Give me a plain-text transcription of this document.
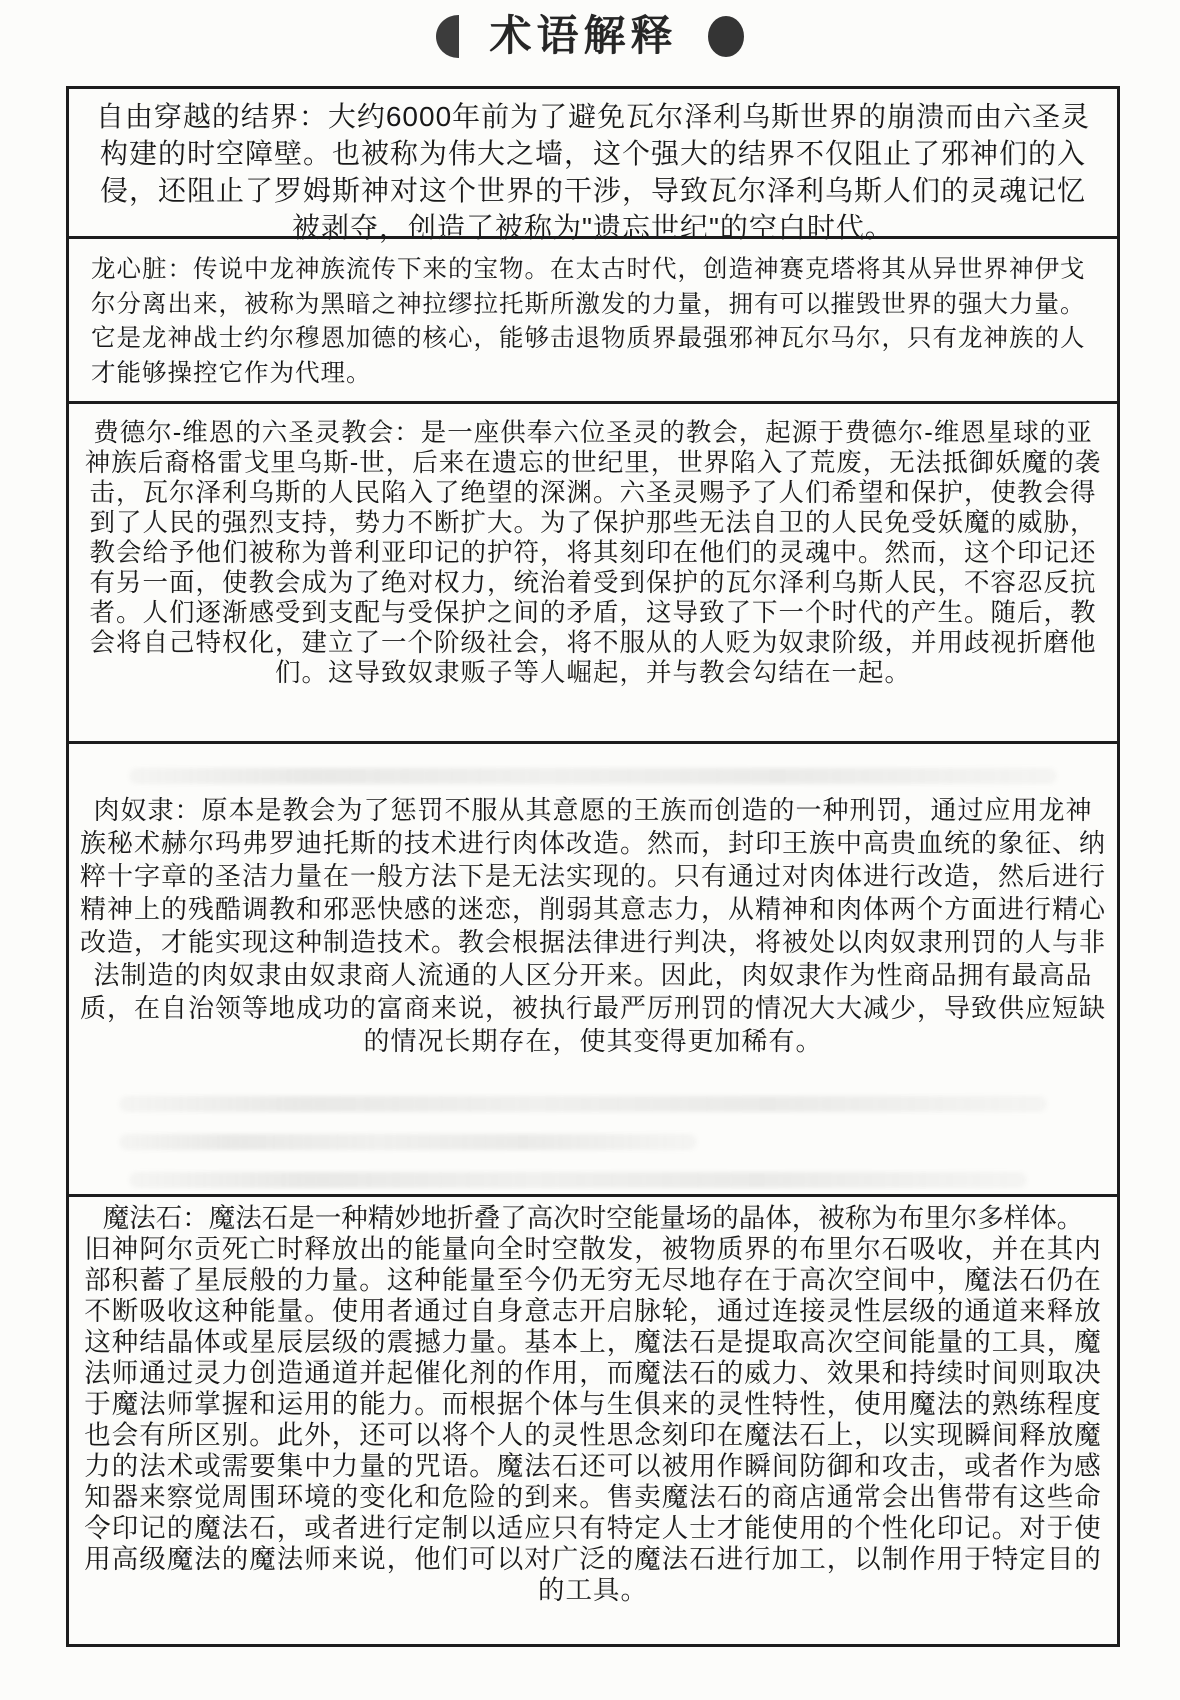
术语解释

自由穿越的结界：大约6000年前为了避免瓦尔泽利乌斯世界的崩溃而由六圣灵构建的时空障壁。也被称为伟大之墙，这个强大的结界不仅阻止了邪神们的入侵，还阻止了罗姆斯神对这个世界的干涉，导致瓦尔泽利乌斯人们的灵魂记忆被剥夺，创造了被称为"遗忘世纪"的空白时代。

龙心脏：传说中龙神族流传下来的宝物。在太古时代，创造神赛克塔将其从异世界神伊戈尔分离出来，被称为黑暗之神拉缪拉托斯所激发的力量，拥有可以摧毁世界的强大力量。它是龙神战士约尔穆恩加德的核心，能够击退物质界最强邪神瓦尔马尔，只有龙神族的人才能够操控它作为代理。

费德尔-维恩的六圣灵教会：是一座供奉六位圣灵的教会，起源于费德尔-维恩星球的亚神族后裔格雷戈里乌斯-世，后来在遗忘的世纪里，世界陷入了荒废，无法抵御妖魔的袭击，瓦尔泽利乌斯的人民陷入了绝望的深渊。六圣灵赐予了人们希望和保护，使教会得到了人民的强烈支持，势力不断扩大。为了保护那些无法自卫的人民免受妖魔的威胁，教会给予他们被称为普利亚印记的护符，将其刻印在他们的灵魂中。然而，这个印记还有另一面，使教会成为了绝对权力，统治着受到保护的瓦尔泽利乌斯人民，不容忍反抗者。人们逐渐感受到支配与受保护之间的矛盾，这导致了下一个时代的产生。随后，教会将自己特权化，建立了一个阶级社会，将不服从的人贬为奴隶阶级，并用歧视折磨他们。这导致奴隶贩子等人崛起，并与教会勾结在一起。

肉奴隶：原本是教会为了惩罚不服从其意愿的王族而创造的一种刑罚，通过应用龙神族秘术赫尔玛弗罗迪托斯的技术进行肉体改造。然而，封印王族中高贵血统的象征、纳粹十字章的圣洁力量在一般方法下是无法实现的。只有通过对肉体进行改造，然后进行精神上的残酷调教和邪恶快感的迷恋，削弱其意志力，从精神和肉体两个方面进行精心改造，才能实现这种制造技术。教会根据法律进行判决，将被处以肉奴隶刑罚的人与非法制造的肉奴隶由奴隶商人流通的人区分开来。因此，肉奴隶作为性商品拥有最高品质，在自治领等地成功的富商来说，被执行最严厉刑罚的情况大大减少，导致供应短缺的情况长期存在，使其变得更加稀有。

魔法石：魔法石是一种精妙地折叠了高次时空能量场的晶体，被称为布里尔多样体。

旧神阿尔贡死亡时释放出的能量向全时空散发，被物质界的布里尔石吸收，并在其内部积蓄了星辰般的力量。这种能量至今仍无穷无尽地存在于高次空间中，魔法石仍在不断吸收这种能量。使用者通过自身意志开启脉轮，通过连接灵性层级的通道来释放这种结晶体或星辰层级的震撼力量。基本上，魔法石是提取高次空间能量的工具，魔法师通过灵力创造通道并起催化剂的作用，而魔法石的威力、效果和持续时间则取决于魔法师掌握和运用的能力。而根据个体与生俱来的灵性特性，使用魔法的熟练程度也会有所区别。此外，还可以将个人的灵性思念刻印在魔法石上，以实现瞬间释放魔力的法术或需要集中力量的咒语。魔法石还可以被用作瞬间防御和攻击，或者作为感知器来察觉周围环境的变化和危险的到来。售卖魔法石的商店通常会出售带有这些命令印记的魔法石，或者进行定制以适应只有特定人士才能使用的个性化印记。对于使用高级魔法的魔法师来说，他们可以对广泛的魔法石进行加工，以制作用于特定目的的工具。
